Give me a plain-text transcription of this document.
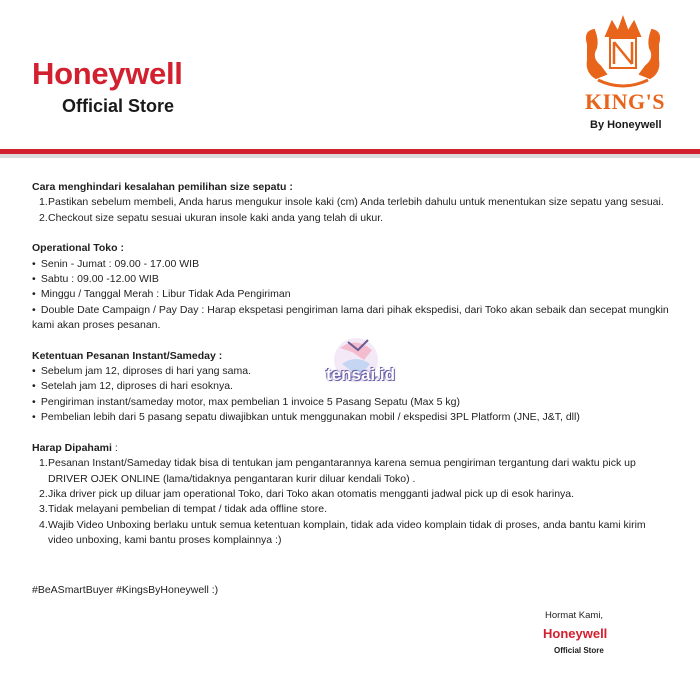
Honeywell
Official Store	KING'S
By Honeywell
Cara menghindari kesalahan pemilihan size sepatu :
1 . Pastikan sebelum membeli, Anda harus mengukur insole kaki (cm) Anda terlebih dahulu untuk menentukan size sepatu yang sesuai.
2 . Checkout size sepatu sesuai ukuran insole kaki anda yang telah di ukur.
Operational Toko :
• Senin - Jumat : 09.00 - 17.00 WIB
• Sabtu : 09.00 -12.00 WIB
• Minggu / Tanggal Merah : Libur Tidak Ada Pengiriman
• Double Date Campaign / Pay Day : Harap ekspetasi pengiriman lama dari pihak ekspedisi, dari Toko akan sebaik dan secepat mungkin kami akan proses pesanan.
Ketentuan Pesanan Instant/Sameday :
• Sebelum jam 12, diproses di hari yang sama.
• Setelah jam 12, diproses di hari esoknya.
• Pengiriman instant/sameday motor, max pembelian 1 invoice 5 Pasang Sepatu (Max 5 kg)
• Pembelian lebih dari 5 pasang sepatu diwajibkan untuk menggunakan mobil / ekspedisi 3PL Platform (JNE, J&T, dll)
Harap Dipahami :
1 . Pesanan Instant/Sameday tidak bisa di tentukan jam pengantarannya karena semua pengiriman tergantung dari waktu pick up DRIVER OJEK ONLINE (lama/tidaknya pengantaran kurir diluar kendali Toko) .
2 . Jika driver pick up diluar jam operational Toko, dari Toko akan otomatis mengganti jadwal pick up di esok harinya.
3 . Tidak melayani pembelian di tempat / tidak ada offline store.
4 . Wajib Video Unboxing berlaku untuk semua ketentuan komplain, tidak ada video komplain tidak di proses, anda bantu kami kirim video unboxing, kami bantu proses komplainnya :)
tensai.id
#BeASmartBuyer #KingsByHoneywell :)
Hormat Kami,
Honeywell
Official Store
